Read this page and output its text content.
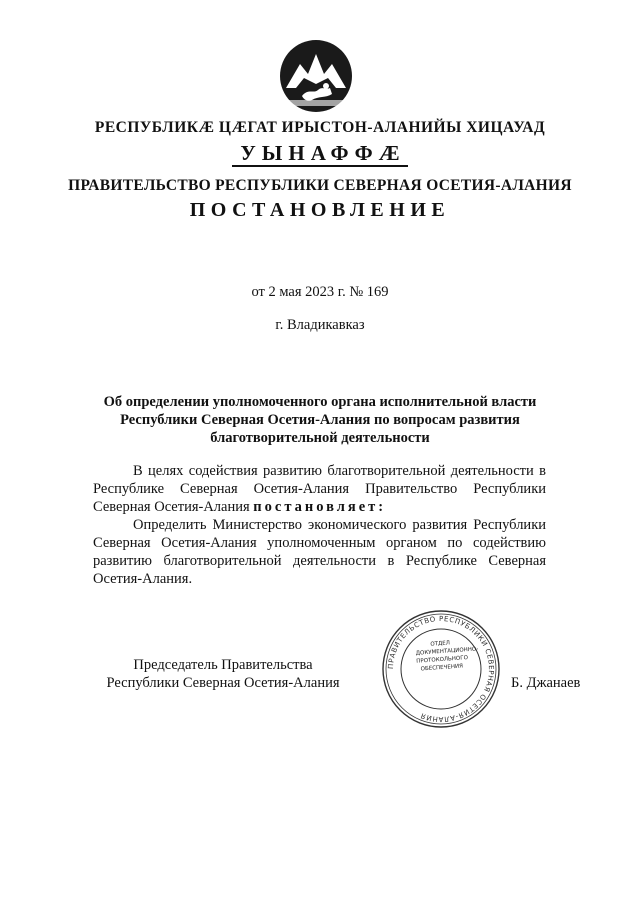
РЕСПУБЛИКӔ ЦӔГАТ ИРЫСТОН-АЛАНИЙЫ ХИЦАУАД
УЫНАФФӔ
ПРАВИТЕЛЬСТВО РЕСПУБЛИКИ СЕВЕРНАЯ ОСЕТИЯ-АЛАНИЯ
ПОСТАНОВЛЕНИЕ
от 2 мая 2023 г. № 169
г. Владикавказ
Об определении уполномоченного органа исполнительной власти
Республики Северная Осетия-Алания по вопросам развития
благотворительной деятельности

В целях содействия развитию благотворительной деятельности в Республике Северная Осетия-Алания Правительство Республики Северная Осетия-Алания постановляет:

Определить Министерство экономического развития Республики Северная Осетия-Алания уполномоченным органом по содействию развитию благотворительной деятельности в Республике Северная Осетия-Алания.

Председатель Правительства
Республики Северная Осетия-Алания
ПРАВИТЕЛЬСТВО РЕСПУБЛИКИ СЕВЕРНАЯ ОСЕТИЯ-АЛАНИЯ
ОТДЕЛ
ДОКУМЕНТАЦИОННО-
ПРОТОКОЛЬНОГО
ОБЕСПЕЧЕНИЯ
Б. Джанаев
